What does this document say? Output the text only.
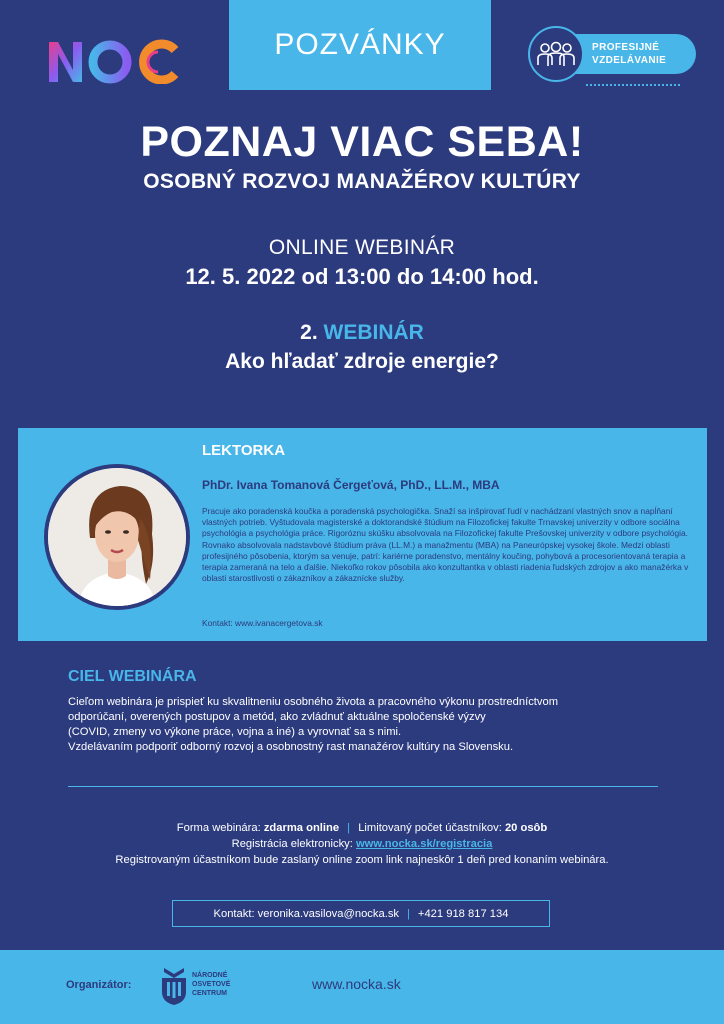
POZVÁNKY	PROFESIJNÉ
VZDELÁVANIE
POZNAJ VIAC SEBA!
OSOBNÝ ROZVOJ MANAŽÉROV KULTÚRY
ONLINE WEBINÁR
12. 5. 2022 od 13:00 do 14:00 hod.
2. WEBINÁR
Ako hľadať zdroje energie?
LEKTORKA
PhDr. Ivana Tomanová Čergeťová, PhD., LL.M., MBA
Pracuje ako poradenská koučka a poradenská psychologička. Snaží sa inšpirovať ľudí v nachádzaní vlastných snov a napĺňaní vlastných potrieb. Vyštudovala magisterské a doktorandské štúdium na Filozofickej fakulte Trnavskej univerzity v odbore sociálna psychológia a psychológia práce. Rigoróznu skúšku absolvovala na Filozofickej fakulte Prešovskej univerzity v odbore psychológia. Rovnako absolvovala nadstavbové štúdium práva (LL.M.) a manažmentu (MBA) na Paneurópskej vysokej škole. Medzi oblasti profesijného pôsobenia, ktorým sa venuje, patrí: kariérne poradenstvo, mentálny koučing, pohybová a procesorientovaná terapia a terapia zameraná na telo a ďalšie. Niekoľko rokov pôsobila ako konzultantka v oblasti riadenia ľudských zdrojov a ako manažérka v oblasti starostlivosti o zákazníkov a zákaznícke služby.
Kontakt: www.ivanacergetova.sk
CIEL WEBINÁRA
Cieľom webinára je prispieť ku skvalitneniu osobného života a pracovného výkonu prostredníctvom
odporúčaní, overených postupov a metód, ako zvládnuť aktuálne spoločenské výzvy
(COVID, zmeny vo výkone práce, vojna a iné) a vyrovnať sa s nimi.
Vzdelávaním podporiť odborný rozvoj a osobnostný rast manažérov kultúry na Slovensku.
Forma webinára: zdarma online | Limitovaný počet účastníkov: 20 osôb
Registrácia elektronicky: www.nocka.sk/registracia
Registrovaným účastníkom bude zaslaný online zoom link najneskôr 1 deň pred konaním webinára.
Kontakt: veronika.vasilova@nocka.sk | +421 918 817 134
Organizátor:
NÁRODNÉ
OSVETOVÉ
CENTRUM
www.nocka.sk
